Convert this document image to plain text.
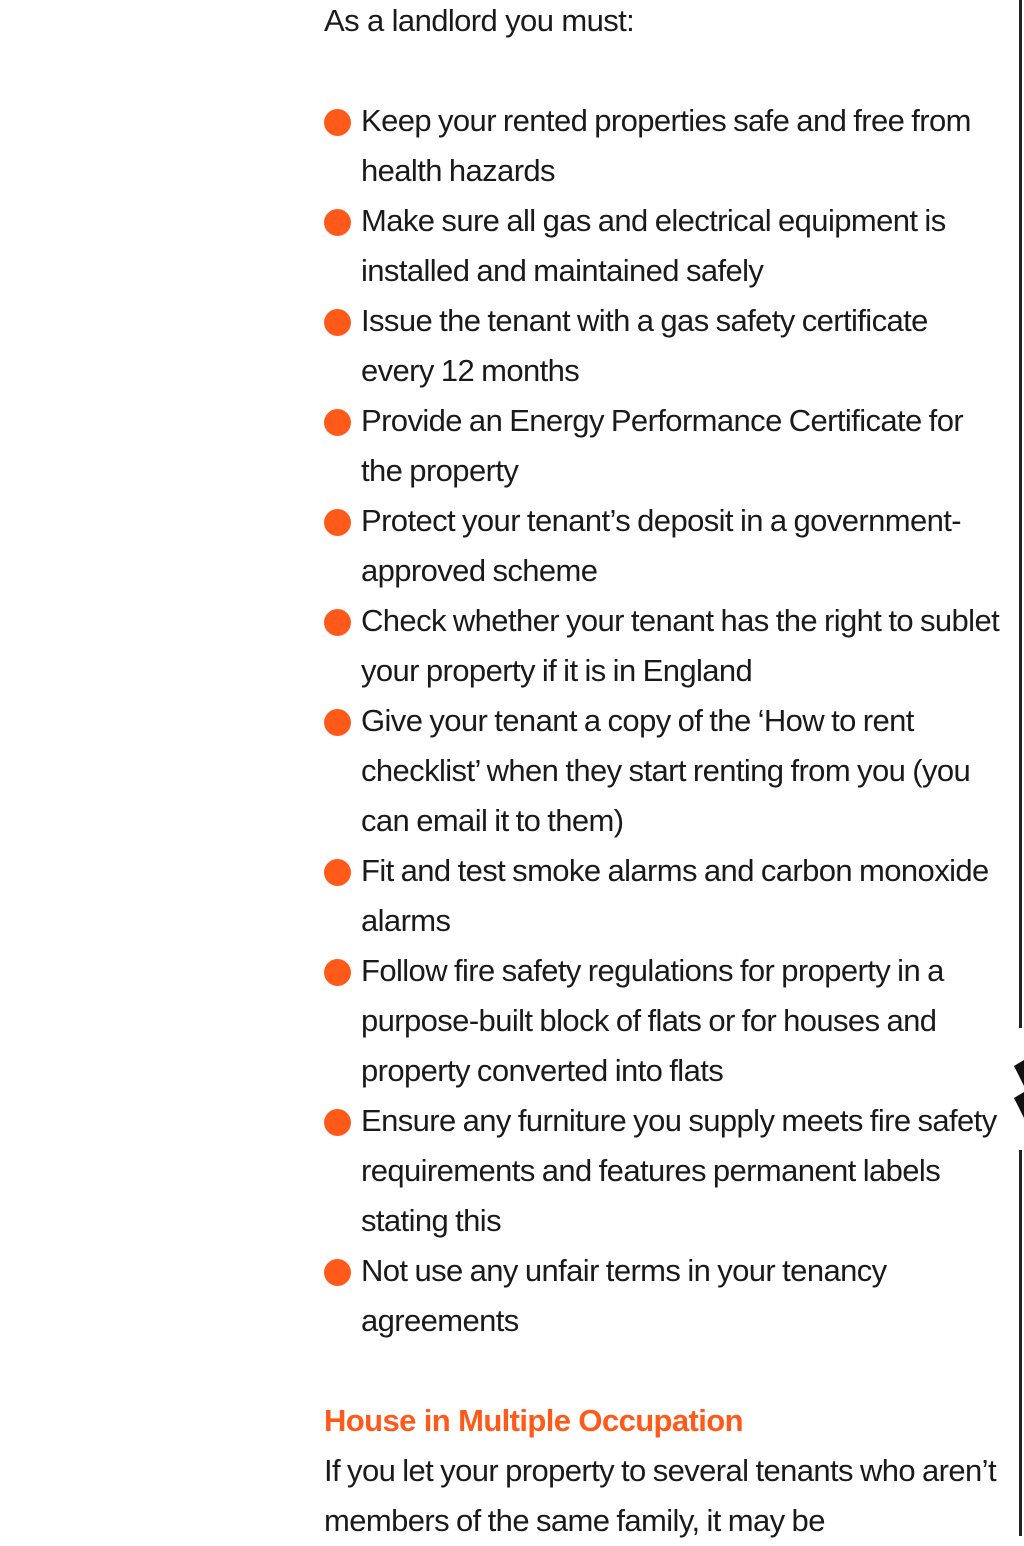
As a landlord you must:

Keep your rented properties safe and free from health hazards
Make sure all gas and electrical equipment is installed and maintained safely
Issue the tenant with a gas safety certificate every 12 months
Provide an Energy Performance Certificate for the property
Protect your tenant’s deposit in a government-approved scheme
Check whether your tenant has the right to sublet your property if it is in England
Give your tenant a copy of the ‘How to rent checklist’ when they start renting from you (you can email it to them)
Fit and test smoke alarms and carbon monoxide alarms
Follow fire safety regulations for property in a purpose-built block of flats or for houses and property converted into flats
Ensure any furniture you supply meets fire safety requirements and features permanent labels stating this
Not use any unfair terms in your tenancy agreements
House in Multiple Occupation

If you let your property to several tenants who aren’t members of the same family, it may be
